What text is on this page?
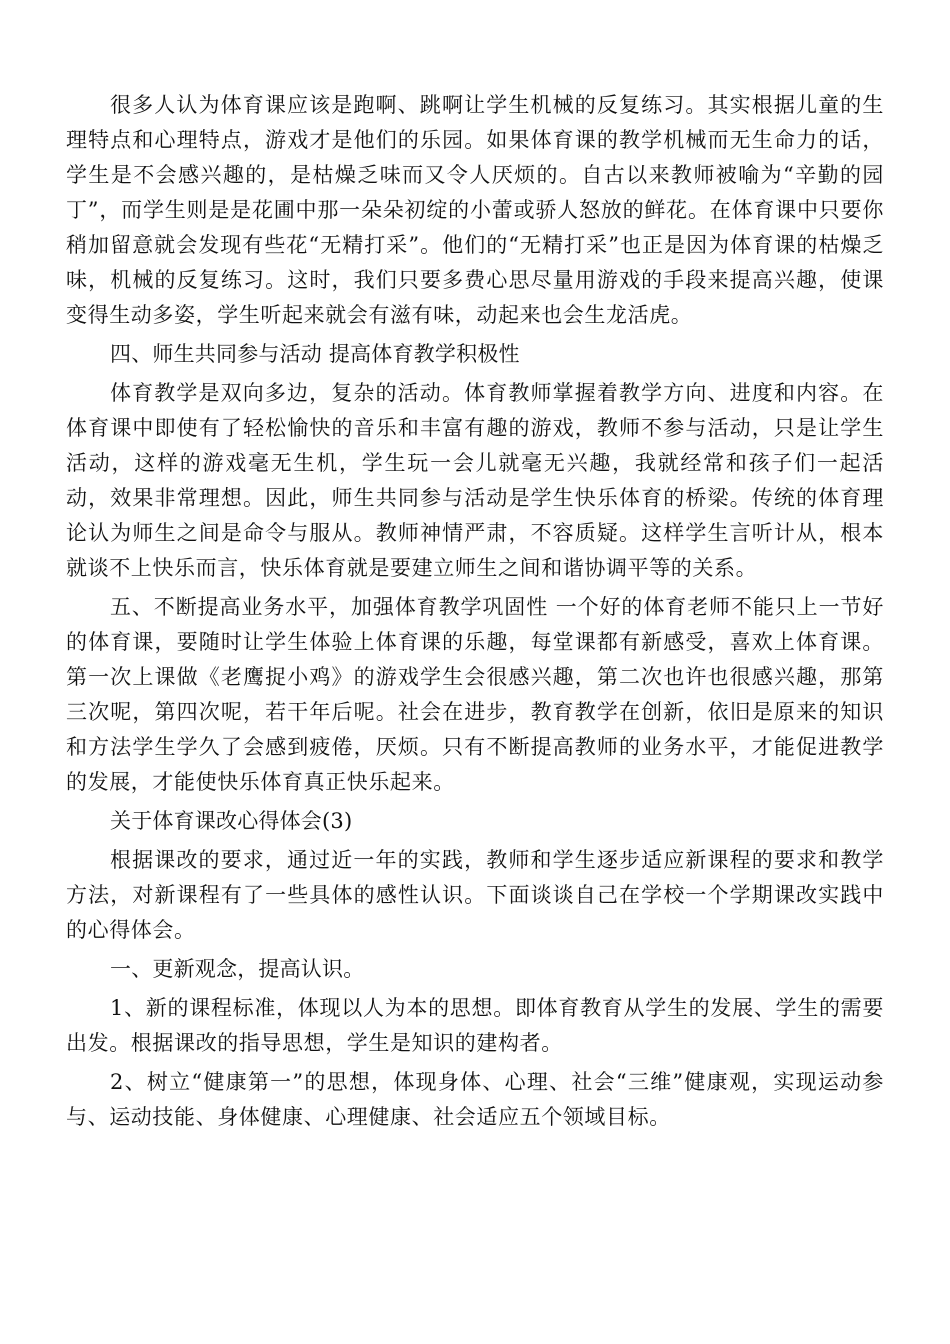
很多人认为体育课应该是跑啊、跳啊让学生机械的反复练习。其实根据儿童的生理特点和心理特点，游戏才是他们的乐园。如果体育课的教学机械而无生命力的话，学生是不会感兴趣的，是枯燥乏味而又令人厌烦的。自古以来教师被喻为“辛勤的园丁”，而学生则是是花圃中那一朵朵初绽的小蕾或骄人怒放的鲜花。在体育课中只要你稍加留意就会发现有些花“无精打采”。他们的“无精打采”也正是因为体育课的枯燥乏味，机械的反复练习。这时，我们只要多费心思尽量用游戏的手段来提高兴趣，使课变得生动多姿，学生听起来就会有滋有味，动起来也会生龙活虎。

四、师生共同参与活动 提高体育教学积极性

体育教学是双向多边，复杂的活动。体育教师掌握着教学方向、进度和内容。在体育课中即使有了轻松愉快的音乐和丰富有趣的游戏，教师不参与活动，只是让学生活动，这样的游戏毫无生机，学生玩一会儿就毫无兴趣，我就经常和孩子们一起活动，效果非常理想。因此，师生共同参与活动是学生快乐体育的桥梁。传统的体育理论认为师生之间是命令与服从。教师神情严肃，不容质疑。这样学生言听计从，根本就谈不上快乐而言，快乐体育就是要建立师生之间和谐协调平等的关系。

五、不断提高业务水平，加强体育教学巩固性 一个好的体育老师不能只上一节好的体育课，要随时让学生体验上体育课的乐趣，每堂课都有新感受，喜欢上体育课。第一次上课做《老鹰捉小鸡》的游戏学生会很感兴趣，第二次也许也很感兴趣，那第三次呢，第四次呢，若干年后呢。社会在进步，教育教学在创新，依旧是原来的知识和方法学生学久了会感到疲倦，厌烦。只有不断提高教师的业务水平，才能促进教学的发展，才能使快乐体育真正快乐起来。

关于体育课改心得体会(3)

根据课改的要求，通过近一年的实践，教师和学生逐步适应新课程的要求和教学方法，对新课程有了一些具体的感性认识。下面谈谈自己在学校一个学期课改实践中的心得体会。

一、更新观念，提高认识。

1、新的课程标准，体现以人为本的思想。即体育教育从学生的发展、学生的需要出发。根据课改的指导思想，学生是知识的建构者。

2、树立“健康第一”的思想，体现身体、心理、社会“三维”健康观，实现运动参与、运动技能、身体健康、心理健康、社会适应五个领域目标。
